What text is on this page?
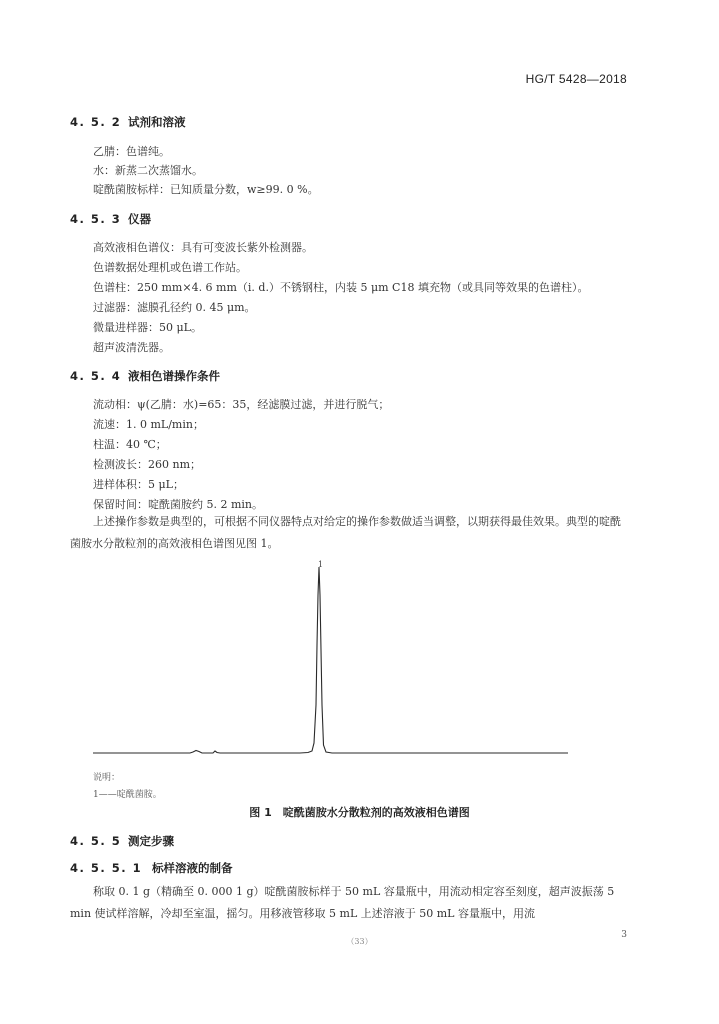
HG/T 5428—2018
4. 5. 2 试剂和溶液
乙腈：色谱纯。
水：新蒸二次蒸馏水。
啶酰菌胺标样：已知质量分数，w≥99. 0 %。
4. 5. 3 仪器
高效液相色谱仪：具有可变波长紫外检测器。
色谱数据处理机或色谱工作站。
色谱柱：250 mm×4. 6 mm（i. d.）不锈钢柱，内装 5 μm C18 填充物（或具同等效果的色谱柱）。
过滤器：滤膜孔径约 0. 45 μm。
微量进样器：50 μL。
超声波清洗器。
4. 5. 4 液相色谱操作条件
流动相：ψ(乙腈：水)=65：35，经滤膜过滤，并进行脱气；
流速：1. 0 mL/min；
柱温：40 ℃；
检测波长：260 nm；
进样体积：5 μL；
保留时间：啶酰菌胺约 5. 2 min。
上述操作参数是典型的，可根据不同仪器特点对给定的操作参数做适当调整，以期获得最佳效果。典型的啶酰菌胺水分散粒剂的高效液相色谱图见图 1。
1
说明：
1——啶酰菌胺。
图 1　啶酰菌胺水分散粒剂的高效液相色谱图
4. 5. 5 测定步骤
4. 5. 5. 1 标样溶液的制备
称取 0. 1 g（精确至 0. 000 1 g）啶酰菌胺标样于 50 mL 容量瓶中，用流动相定容至刻度，超声波振荡 5 min 使试样溶解，冷却至室温，摇匀。用移液管移取 5 mL 上述溶液于 50 mL 容量瓶中，用流
（33）
3
